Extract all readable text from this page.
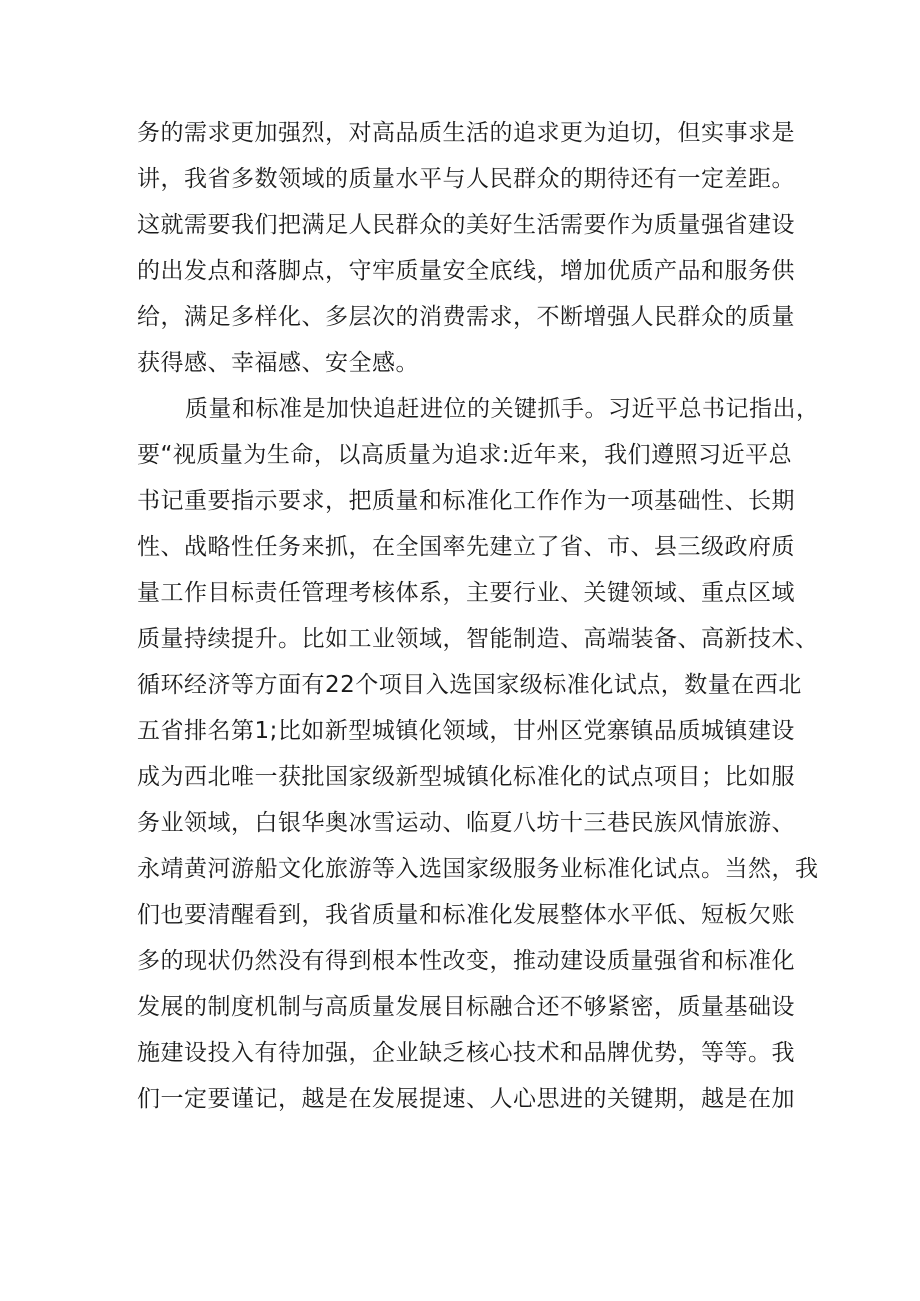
务的需求更加强烈，对高品质生活的追求更为迫切，但实事求是
讲，我省多数领域的质量水平与人民群众的期待还有一定差距。
这就需要我们把满足人民群众的美好生活需要作为质量强省建设
的出发点和落脚点，守牢质量安全底线，增加优质产品和服务供
给，满足多样化、多层次的消费需求，不断增强人民群众的质量
获得感、幸福感、安全感。
质量和标准是加快追赶进位的关键抓手。习近平总书记指出，
要“视质量为生命，以高质量为追求:近年来，我们遵照习近平总
书记重要指示要求，把质量和标准化工作作为一项基础性、长期
性、战略性任务来抓，在全国率先建立了省、市、县三级政府质
量工作目标责任管理考核体系，主要行业、关键领域、重点区域
质量持续提升。比如工业领域，智能制造、高端装备、高新技术、
循环经济等方面有22个项目入选国家级标准化试点，数量在西北
五省排名第1;比如新型城镇化领域，甘州区党寨镇品质城镇建设
成为西北唯一获批国家级新型城镇化标准化的试点项目；比如服
务业领域，白银华奥冰雪运动、临夏八坊十三巷民族风情旅游、
永靖黄河游船文化旅游等入选国家级服务业标准化试点。当然，我
们也要清醒看到，我省质量和标准化发展整体水平低、短板欠账
多的现状仍然没有得到根本性改变，推动建设质量强省和标准化
发展的制度机制与高质量发展目标融合还不够紧密，质量基础设
施建设投入有待加强，企业缺乏核心技术和品牌优势，等等。我
们一定要谨记，越是在发展提速、人心思进的关键期，越是在加
